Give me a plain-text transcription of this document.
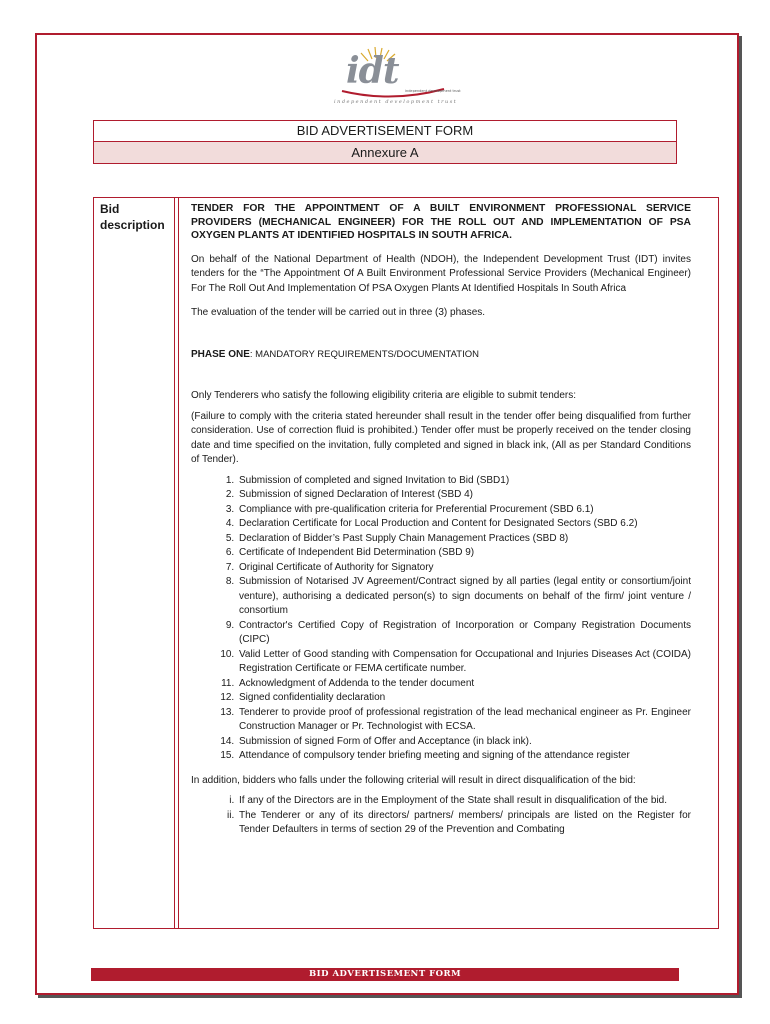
idt independent development trust
independent development trust
BID ADVERTISEMENT FORM
Annexure A
Bid description

TENDER FOR THE APPOINTMENT OF A BUILT ENVIRONMENT PROFESSIONAL SERVICE PROVIDERS (MECHANICAL ENGINEER) FOR THE ROLL OUT AND IMPLEMENTATION OF PSA OXYGEN PLANTS AT IDENTIFIED HOSPITALS IN SOUTH AFRICA.

On behalf of the National Department of Health (NDOH), the Independent Development Trust (IDT) invites tenders for the “The Appointment Of A Built Environment Professional Service Providers (Mechanical Engineer) For The Roll Out And Implementation Of PSA Oxygen Plants At Identified Hospitals In South Africa

The evaluation of the tender will be carried out in three (3) phases.

PHASE ONE: MANDATORY REQUIREMENTS/DOCUMENTATION

Only Tenderers who satisfy the following eligibility criteria are eligible to submit tenders:

(Failure to comply with the criteria stated hereunder shall result in the tender offer being disqualified from further consideration. Use of correction fluid is prohibited.) Tender offer must be properly received on the tender closing date and time specified on the invitation, fully completed and signed in black ink, (All as per Standard Conditions of Tender).

1. Submission of completed and signed Invitation to Bid (SBD1)
2. Submission of signed Declaration of Interest (SBD 4)
3. Compliance with pre-qualification criteria for Preferential Procurement (SBD 6.1)
4. Declaration Certificate for Local Production and Content for Designated Sectors (SBD 6.2)
5. Declaration of Bidder’s Past Supply Chain Management Practices (SBD 8)
6. Certificate of Independent Bid Determination (SBD 9)
7. Original Certificate of Authority for Signatory
8. Submission of Notarised JV Agreement/Contract signed by all parties (legal entity or consortium/joint venture), authorising a dedicated person(s) to sign documents on behalf of the firm/ joint venture / consortium
9. Contractor's Certified Copy of Registration of Incorporation or Company Registration Documents (CIPC)
10. Valid Letter of Good standing with Compensation for Occupational and Injuries Diseases Act (COIDA) Registration Certificate or FEMA certificate number.
11. Acknowledgment of Addenda to the tender document
12. Signed confidentiality declaration
13. Tenderer to provide proof of professional registration of the lead mechanical engineer as Pr. Engineer Construction Manager or Pr. Technologist with ECSA.
14. Submission of signed Form of Offer and Acceptance (in black ink).
15. Attendance of compulsory tender briefing meeting and signing of the attendance register

In addition, bidders who falls under the following criterial will result in direct disqualification of the bid:

i. If any of the Directors are in the Employment of the State shall result in disqualification of the bid.
ii. The Tenderer or any of its directors/ partners/ members/ principals are listed on the Register for Tender Defaulters in terms of section 29 of the Prevention and Combating
BID ADVERTISEMENT FORM
